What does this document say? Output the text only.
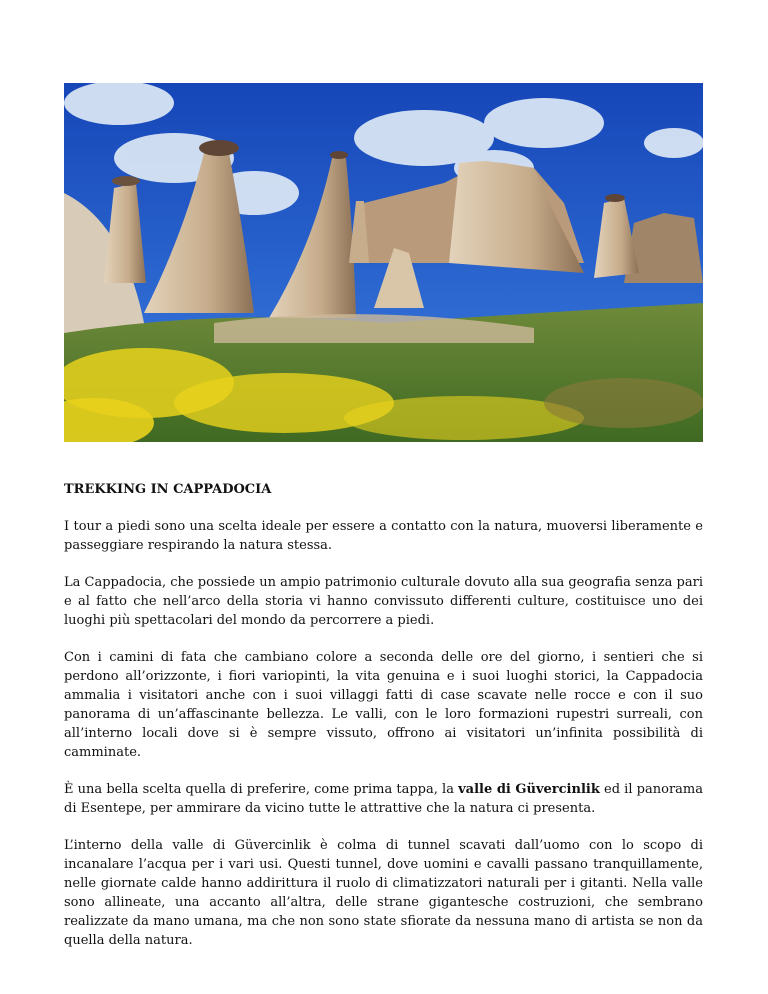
TREKKING IN CAPPADOCIA

I tour a piedi sono una scelta ideale per essere a contatto con la natura, muoversi liberamente e passeggiare respirando la natura stessa.

La Cappadocia, che possiede un ampio patrimonio culturale dovuto alla sua geografia senza pari e al fatto che nell’arco della storia vi hanno convissuto differenti culture, costituisce uno dei luoghi più spettacolari del mondo da percorrere a piedi.

Con i camini di fata che cambiano colore a seconda delle ore del giorno, i sentieri che si perdono all’orizzonte, i fiori variopinti, la vita genuina e i suoi luoghi storici, la Cappadocia ammalia i visitatori anche con i suoi villaggi fatti di case scavate nelle rocce e con il suo panorama di un’affascinante bellezza. Le valli, con le loro formazioni rupestri surreali, con all’interno locali dove si è sempre vissuto, offrono ai visitatori un’infinita possibilità di camminate.

È una bella scelta quella di preferire, come prima tappa, la valle di Güvercinlik ed il panorama di Esentepe, per ammirare da vicino tutte le attrattive che la natura ci presenta.

L’interno della valle di Güvercinlik è colma di tunnel scavati dall’uomo con lo scopo di incanalare l’acqua per i vari usi. Questi tunnel, dove uomini e cavalli passano tranquillamente, nelle giornate calde hanno addirittura il ruolo di climatizzatori naturali per i gitanti. Nella valle sono allineate, una accanto all’altra, delle strane gigantesche costruzioni, che sembrano realizzate da mano umana, ma che non sono state sfiorate da nessuna mano di artista se non da quella della natura.
